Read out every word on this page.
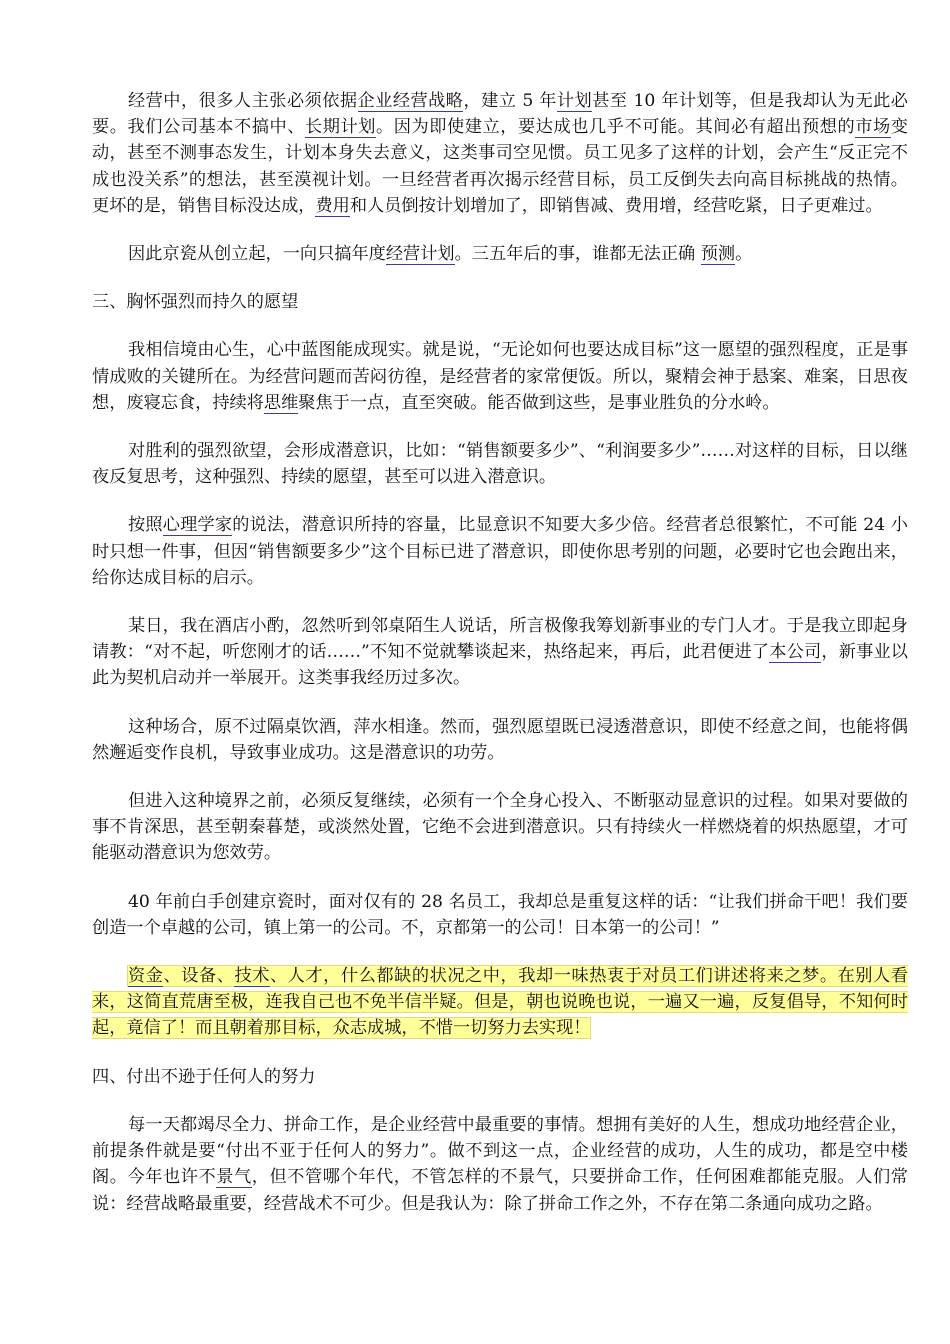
经营中，很多人主张必须依据企业经营战略，建立 5 年计划甚至 10 年计划等，但是我却认为无此必要。我们公司基本不搞中、长期计划。因为即使建立，要达成也几乎不可能。其间必有超出预想的市场变动，甚至不测事态发生，计划本身失去意义，这类事司空见惯。员工见多了这样的计划，会产生“反正完不成也没关系”的想法，甚至漠视计划。一旦经营者再次揭示经营目标，员工反倒失去向高目标挑战的热情。更坏的是，销售目标没达成，费用和人员倒按计划增加了，即销售减、费用增，经营吃紧，日子更难过。

因此京瓷从创立起，一向只搞年度经营计划。三五年后的事，谁都无法正确 预测。

三、胸怀强烈而持久的愿望

我相信境由心生，心中蓝图能成现实。就是说，“无论如何也要达成目标”这一愿望的强烈程度，正是事情成败的关键所在。为经营问题而苦闷彷徨，是经营者的家常便饭。所以，聚精会神于悬案、难案，日思夜想，废寝忘食，持续将思维聚焦于一点，直至突破。能否做到这些，是事业胜负的分水岭。

对胜利的强烈欲望，会形成潜意识，比如：“销售额要多少”、“利润要多少”……对这样的目标，日以继夜反复思考，这种强烈、持续的愿望，甚至可以进入潜意识。

按照心理学家的说法，潜意识所持的容量，比显意识不知要大多少倍。经营者总很繁忙，不可能 24 小时只想一件事，但因“销售额要多少”这个目标已进了潜意识，即使你思考别的问题，必要时它也会跑出来，给你达成目标的启示。

某日，我在酒店小酌，忽然听到邻桌陌生人说话，所言极像我筹划新事业的专门人才。于是我立即起身请教：“对不起，听您刚才的话……”不知不觉就攀谈起来，热络起来，再后，此君便进了本公司，新事业以此为契机启动并一举展开。这类事我经历过多次。

这种场合，原不过隔桌饮酒，萍水相逢。然而，强烈愿望既已浸透潜意识，即使不经意之间，也能将偶然邂逅变作良机，导致事业成功。这是潜意识的功劳。

但进入这种境界之前，必须反复继续，必须有一个全身心投入、不断驱动显意识的过程。如果对要做的事不肯深思，甚至朝秦暮楚，或淡然处置，它绝不会进到潜意识。只有持续火一样燃烧着的炽热愿望，才可能驱动潜意识为您效劳。

40 年前白手创建京瓷时，面对仅有的 28 名员工，我却总是重复这样的话：“让我们拼命干吧！我们要创造一个卓越的公司，镇上第一的公司。不，京都第一的公司！日本第一的公司！”

资金、设备、技术、人才，什么都缺的状况之中，我却一味热衷于对员工们讲述将来之梦。在别人看来，这简直荒唐至极，连我自己也不免半信半疑。但是，朝也说晚也说，一遍又一遍，反复倡导，不知何时起，竟信了！而且朝着那目标，众志成城，不惜一切努力去实现！

四、付出不逊于任何人的努力

每一天都竭尽全力、拼命工作，是企业经营中最重要的事情。想拥有美好的人生，想成功地经营企业，前提条件就是要“付出不亚于任何人的努力”。做不到这一点，企业经营的成功，人生的成功，都是空中楼阁。今年也许不景气，但不管哪个年代，不管怎样的不景气，只要拼命工作，任何困难都能克服。人们常说：经营战略最重要，经营战术不可少。但是我认为：除了拼命工作之外，不存在第二条通向成功之路。
